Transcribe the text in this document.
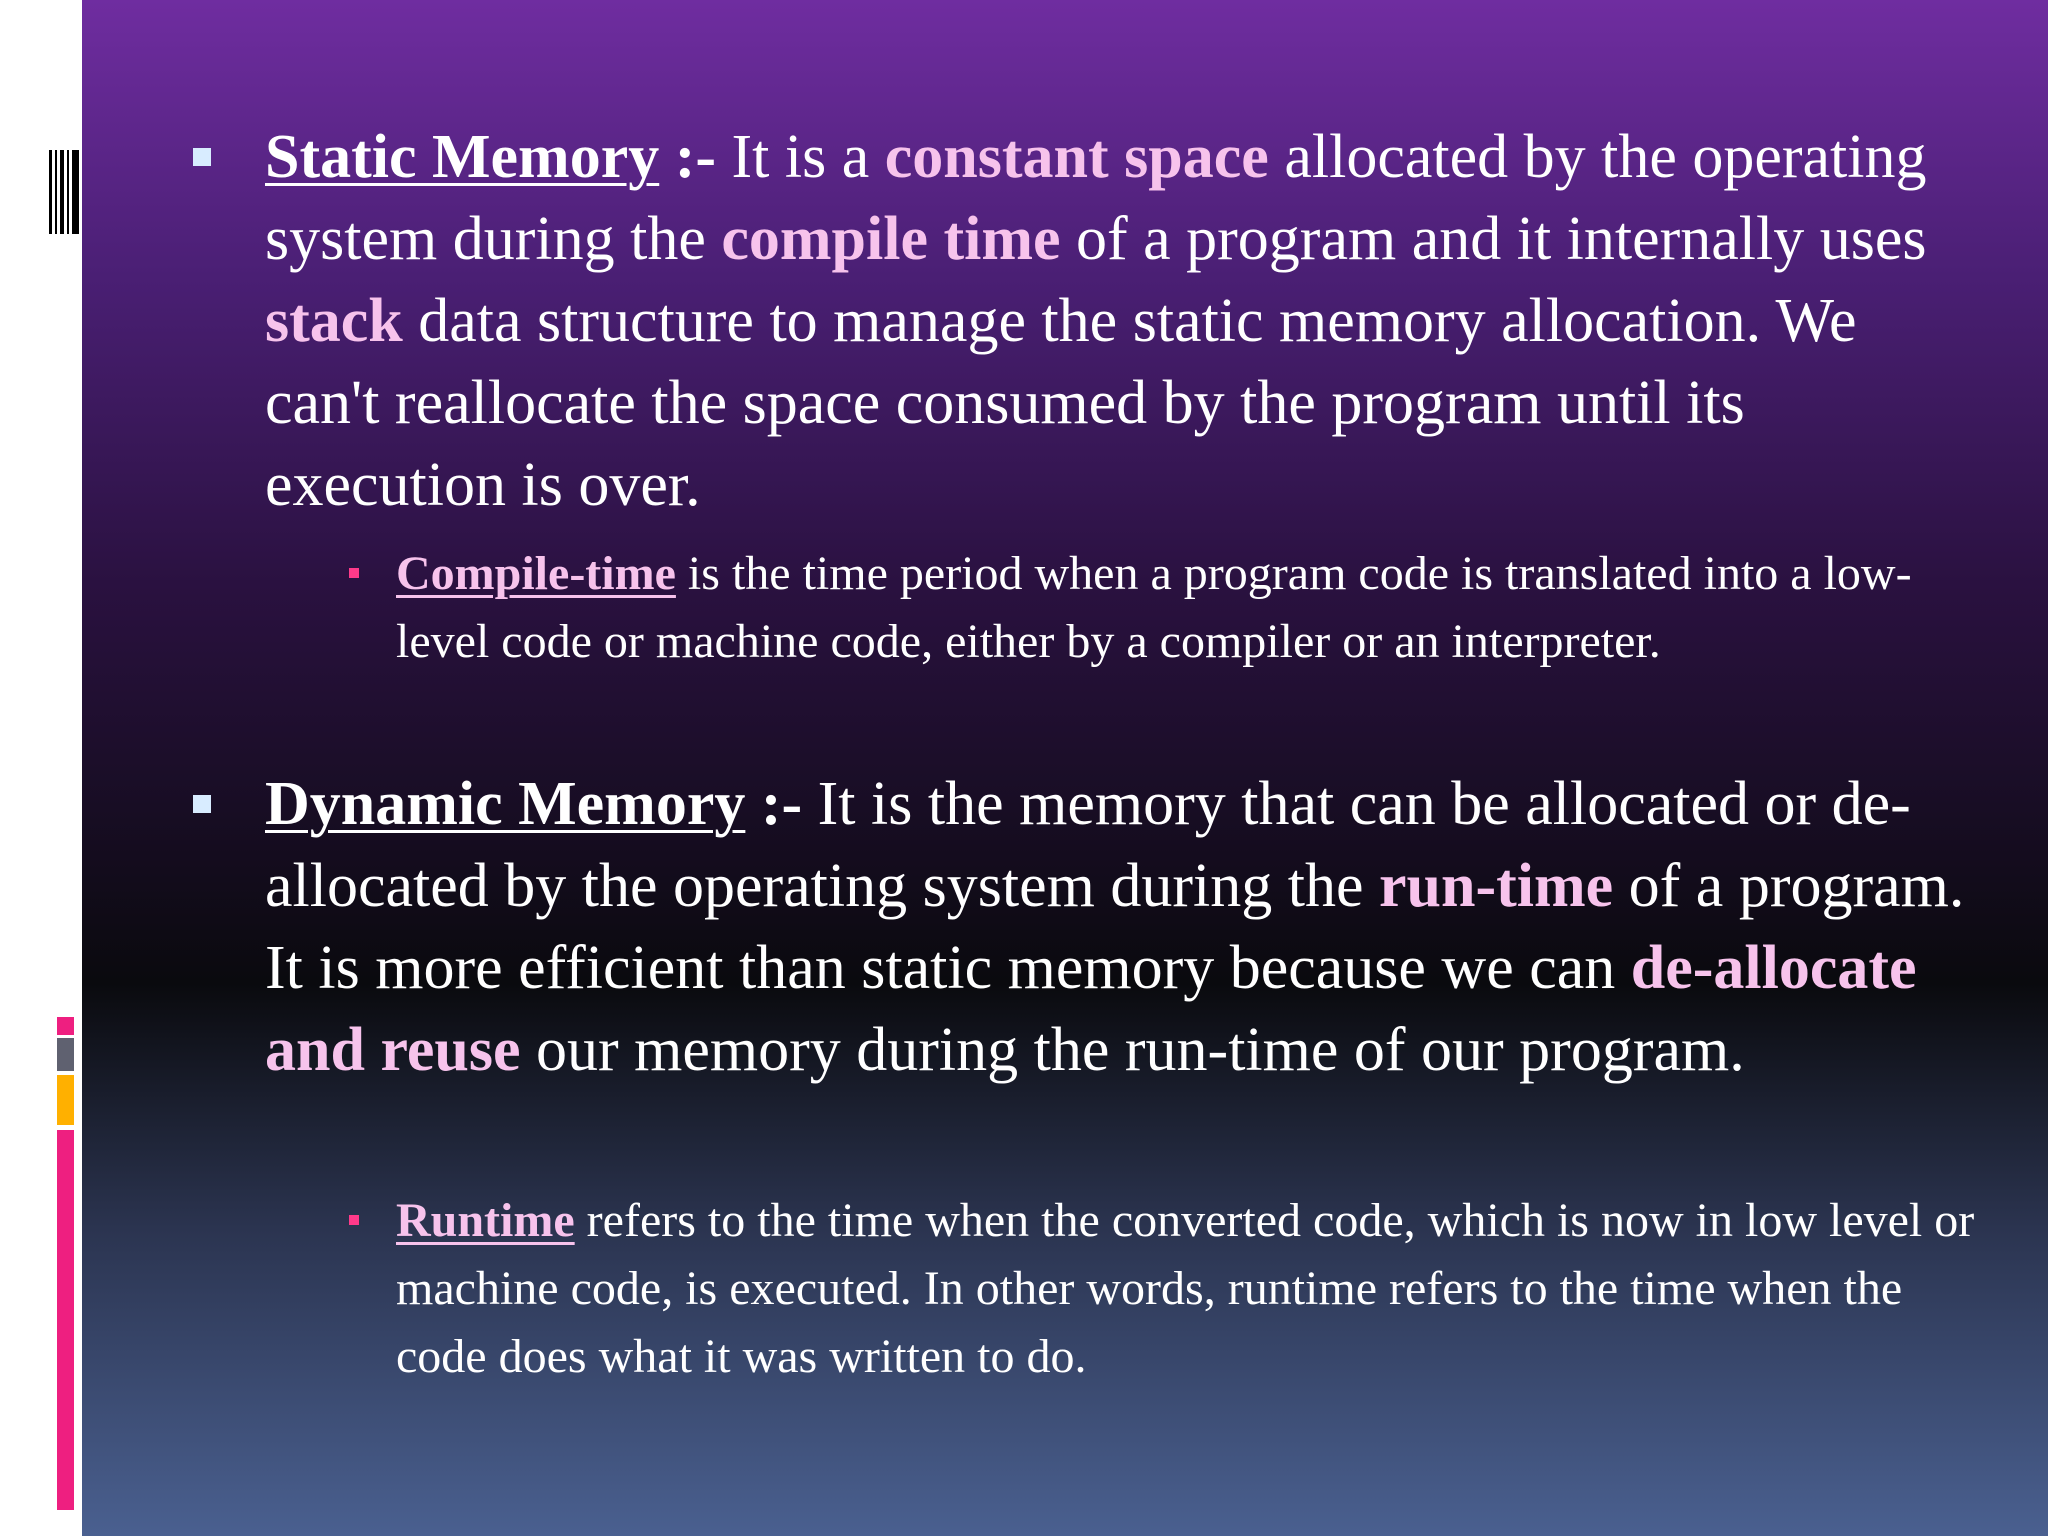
Static Memory :- It is a constant space allocated by the operating system during the compile time of a program and it internally uses stack data structure to manage the static memory allocation. We can't reallocate the space consumed by the program until its execution is over.
Compile-time is the time period when a program code is translated into a low-level code or machine code, either by a compiler or an interpreter.
Dynamic Memory :- It is the memory that can be allocated or de-allocated by the operating system during the run-time of a program. It is more efficient than static memory because we can de-allocate and reuse our memory during the run-time of our program.
Runtime refers to the time when the converted code, which is now in low level or machine code, is executed. In other words, runtime refers to the time when the code does what it was written to do.
